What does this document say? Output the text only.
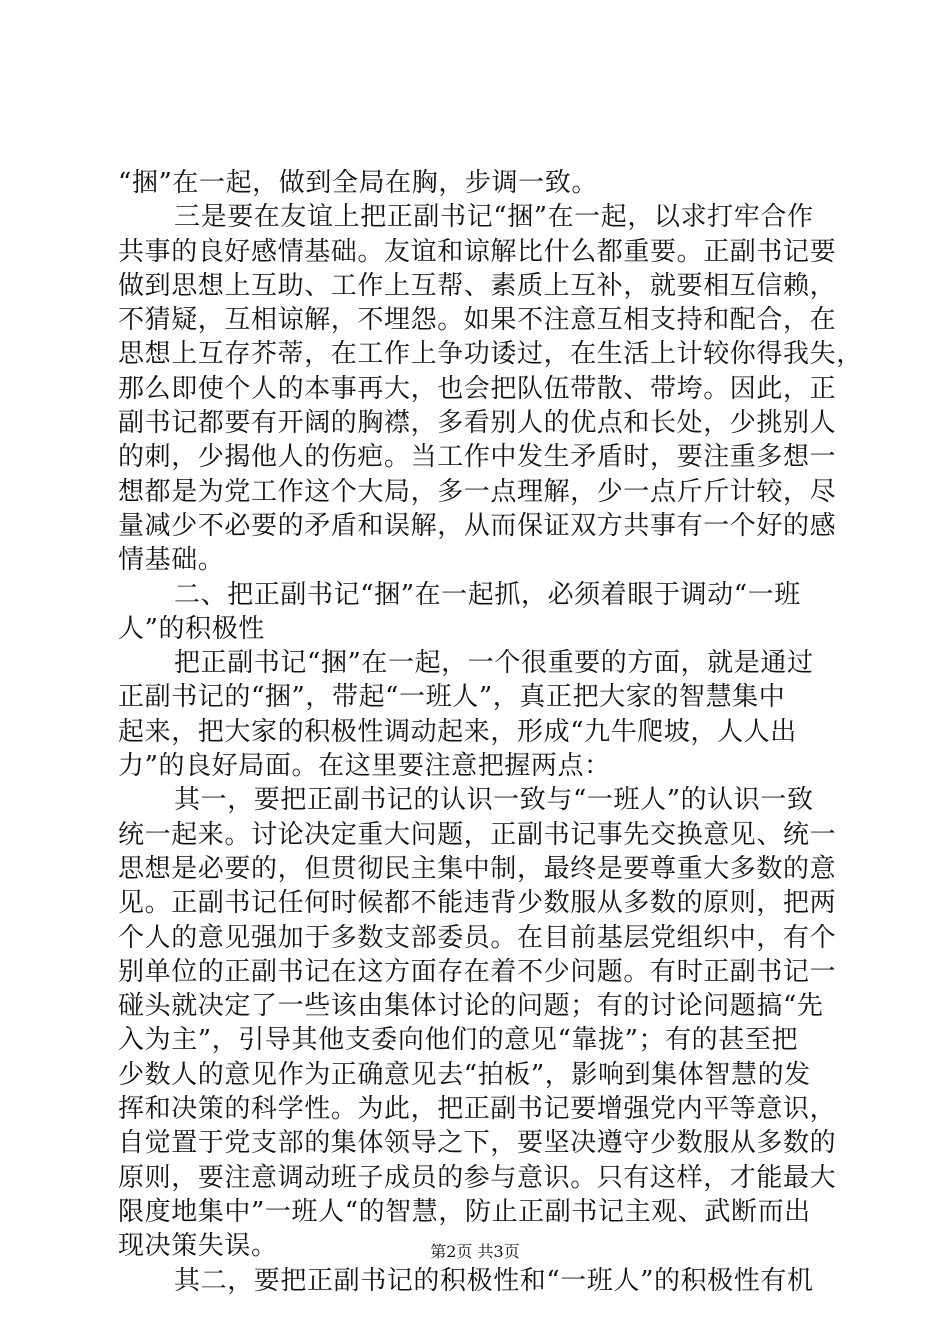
“捆”在一起，做到全局在胸，步调一致。
三是要在友谊上把正副书记“捆”在一起，以求打牢合作
共事的良好感情基础。友谊和谅解比什么都重要。正副书记要
做到思想上互助、工作上互帮、素质上互补，就要相互信赖，
不猜疑，互相谅解，不埋怨。如果不注意互相支持和配合，在
思想上互存芥蒂，在工作上争功诿过，在生活上计较你得我失，
那么即使个人的本事再大，也会把队伍带散、带垮。因此，正
副书记都要有开阔的胸襟，多看别人的优点和长处，少挑别人
的刺，少揭他人的伤疤。当工作中发生矛盾时，要注重多想一
想都是为党工作这个大局，多一点理解，少一点斤斤计较，尽
量减少不必要的矛盾和误解，从而保证双方共事有一个好的感
情基础。
二、把正副书记“捆”在一起抓，必须着眼于调动“一班
人”的积极性
把正副书记“捆”在一起，一个很重要的方面，就是通过
正副书记的“捆”，带起“一班人”，真正把大家的智慧集中
起来，把大家的积极性调动起来，形成“九牛爬坡，人人出
力”的良好局面。在这里要注意把握两点：
其一，要把正副书记的认识一致与“一班人”的认识一致
统一起来。讨论决定重大问题，正副书记事先交换意见、统一
思想是必要的，但贯彻民主集中制，最终是要尊重大多数的意
见。正副书记任何时候都不能违背少数服从多数的原则，把两
个人的意见强加于多数支部委员。在目前基层党组织中，有个
别单位的正副书记在这方面存在着不少问题。有时正副书记一
碰头就决定了一些该由集体讨论的问题；有的讨论问题搞“先
入为主”，引导其他支委向他们的意见“靠拢”；有的甚至把
少数人的意见作为正确意见去“拍板”，影响到集体智慧的发
挥和决策的科学性。为此，把正副书记要增强党内平等意识，
自觉置于党支部的集体领导之下，要坚决遵守少数服从多数的
原则，要注意调动班子成员的参与意识。只有这样，才能最大
限度地集中”一班人“的智慧，防止正副书记主观、武断而出
现决策失误。
其二，要把正副书记的积极性和“一班人”的积极性有机
第2页 共3页
